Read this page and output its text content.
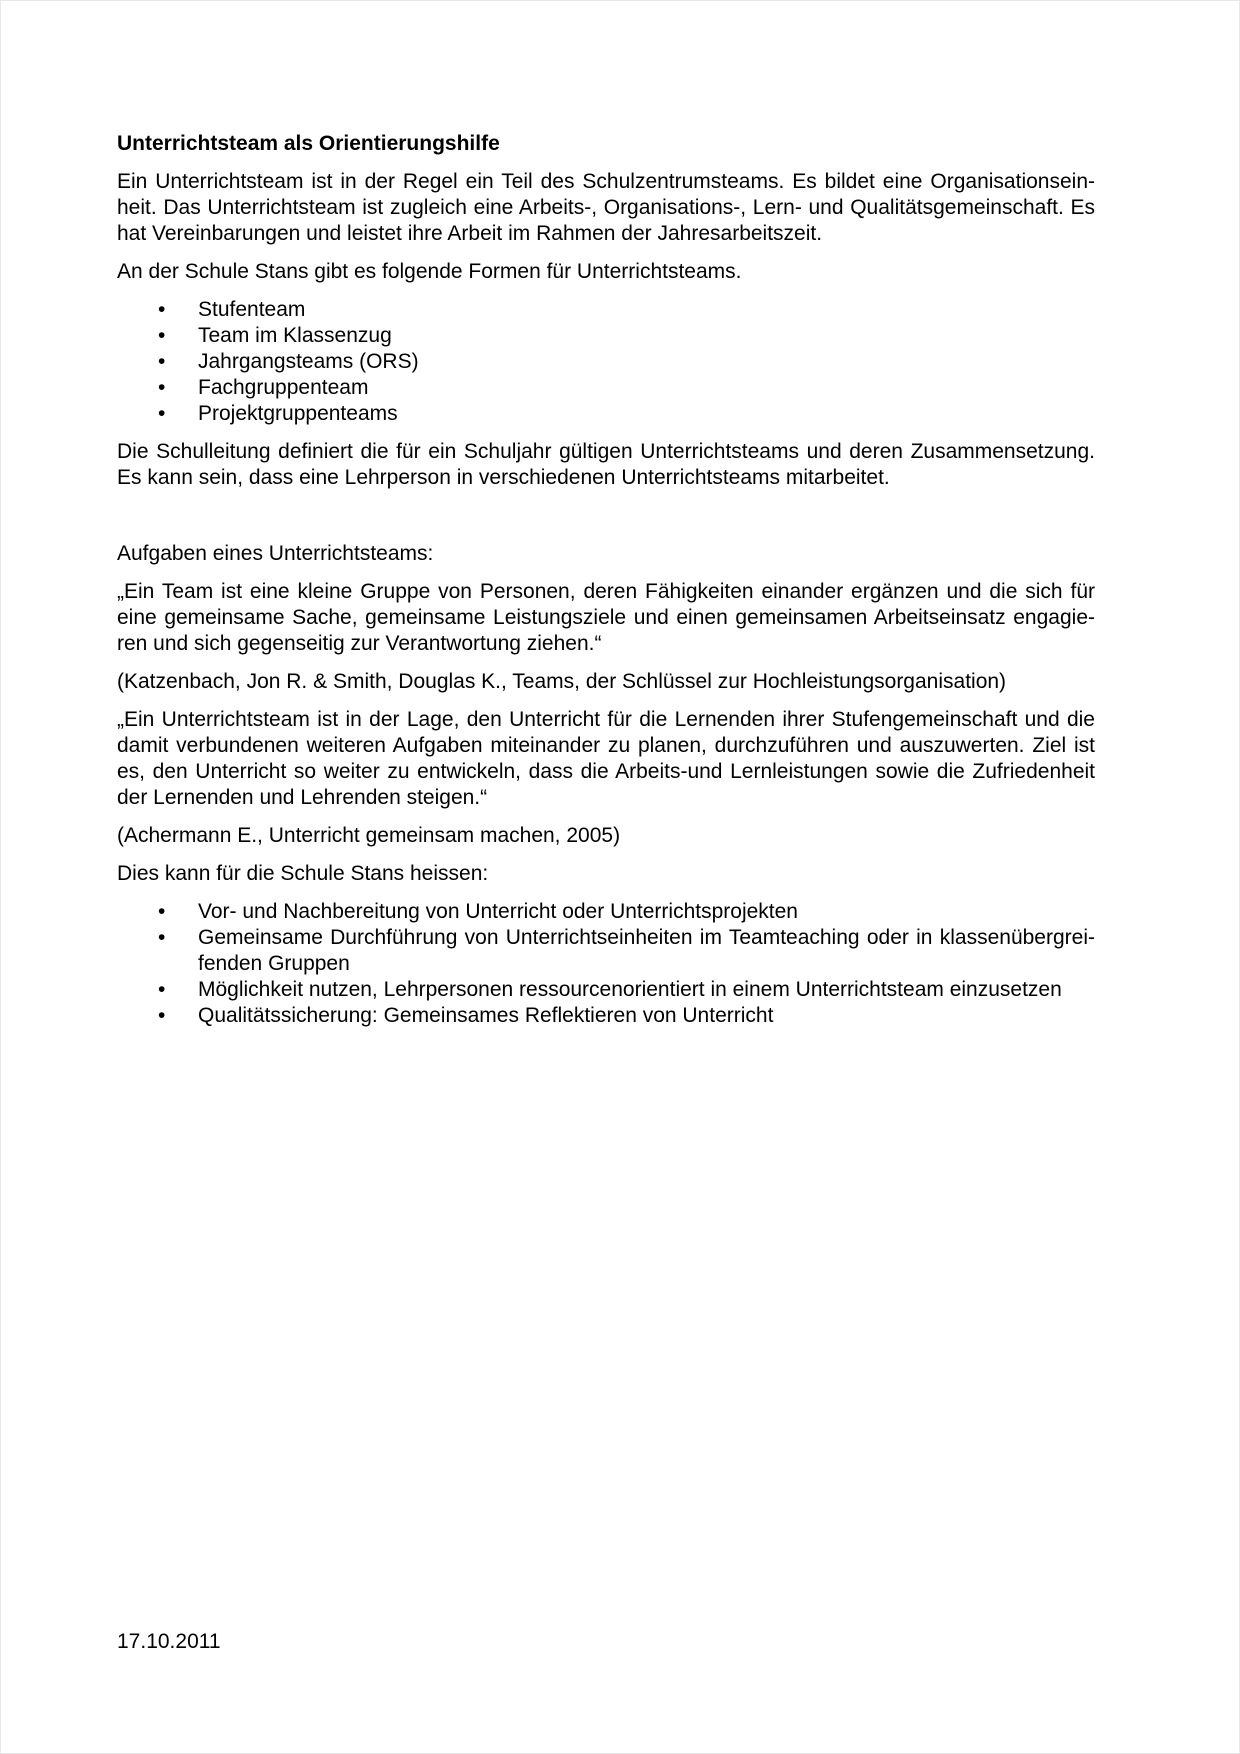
Unterrichtsteam als Orientierungshilfe
Ein Unterrichtsteam ist in der Regel ein Teil des Schulzentrumsteams. Es bildet eine Organisationsein-
heit. Das Unterrichtsteam ist zugleich eine Arbeits-, Organisations-, Lern- und Qualitätsgemeinschaft. Es
hat Vereinbarungen und leistet ihre Arbeit im Rahmen der Jahresarbeitszeit.
An der Schule Stans gibt es folgende Formen für Unterrichtsteams.
• Stufenteam
• Team im Klassenzug
• Jahrgangsteams (ORS)
• Fachgruppenteam
• Projektgruppenteams
Die Schulleitung definiert die für ein Schuljahr gültigen Unterrichtsteams und deren Zusammensetzung.
Es kann sein, dass eine Lehrperson in verschiedenen Unterrichtsteams mitarbeitet.
Aufgaben eines Unterrichtsteams:
„Ein Team ist eine kleine Gruppe von Personen, deren Fähigkeiten einander ergänzen und die sich für
eine gemeinsame Sache, gemeinsame Leistungsziele und einen gemeinsamen Arbeitseinsatz engagie-
ren und sich gegenseitig zur Verantwortung ziehen.“
(Katzenbach, Jon R. & Smith, Douglas K., Teams, der Schlüssel zur Hochleistungsorganisation)
„Ein Unterrichtsteam ist in der Lage, den Unterricht für die Lernenden ihrer Stufengemeinschaft und die
damit verbundenen weiteren Aufgaben miteinander zu planen, durchzuführen und auszuwerten. Ziel ist
es, den Unterricht so weiter zu entwickeln, dass die Arbeits-und Lernleistungen sowie die Zufriedenheit
der Lernenden und Lehrenden steigen.“
(Achermann E., Unterricht gemeinsam machen, 2005)
Dies kann für die Schule Stans heissen:
• Vor- und Nachbereitung von Unterricht oder Unterrichtsprojekten
• Gemeinsame Durchführung von Unterrichtseinheiten im Teamteaching oder in klassenübergrei-
fenden Gruppen
• Möglichkeit nutzen, Lehrpersonen ressourcenorientiert in einem Unterrichtsteam einzusetzen
• Qualitätssicherung: Gemeinsames Reflektieren von Unterricht
17.10.2011
